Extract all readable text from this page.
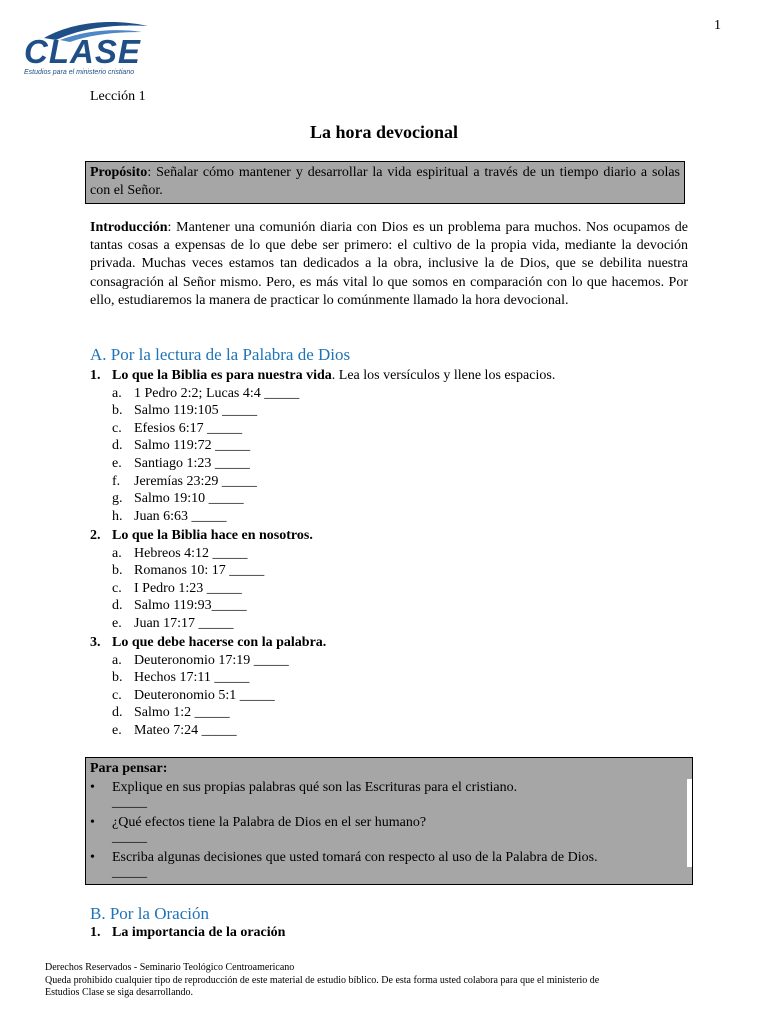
1
CLASE
Estudios para el ministerio cristiano
Lección 1
La hora devocional
Propósito: Señalar cómo mantener y desarrollar la vida espiritual a través de un tiempo diario a solas con el Señor.
Introducción: Mantener una comunión diaria con Dios es un problema para muchos. Nos ocupamos de tantas cosas a expensas de lo que debe ser primero: el cultivo de la propia vida, mediante la devoción privada. Muchas veces estamos tan dedicados a la obra, inclusive la de Dios, que se debilita nuestra consagración al Señor mismo. Pero, es más vital lo que somos en comparación con lo que hacemos. Por ello, estudiaremos la manera de practicar lo comúnmente llamado la hora devocional.
A. Por la lectura de la Palabra de Dios
1. Lo que la Biblia es para nuestra vida. Lea los versículos y llene los espacios.
a. 1 Pedro 2:2; Lucas 4:4 _____
b. Salmo 119:105 _____
c. Efesios 6:17 _____
d. Salmo 119:72 _____
e. Santiago 1:23 _____
f. Jeremías 23:29 _____
g. Salmo 19:10 _____
h. Juan 6:63 _____
2. Lo que la Biblia hace en nosotros.
a. Hebreos 4:12 _____
b. Romanos 10: 17 _____
c. I Pedro 1:23 _____
d. Salmo 119:93_____
e. Juan 17:17 _____
3. Lo que debe hacerse con la palabra.
a. Deuteronomio 17:19 _____
b. Hechos 17:11 _____
c. Deuteronomio 5:1 _____
d. Salmo 1:2 _____
e. Mateo 7:24 _____
Para pensar:
• Explique en sus propias palabras qué son las Escrituras para el cristiano.
_____
• ¿Qué efectos tiene la Palabra de Dios en el ser humano?
_____
• Escriba algunas decisiones que usted tomará con respecto al uso de la Palabra de Dios.
_____
B. Por la Oración
1. La importancia de la oración
Derechos Reservados - Seminario Teológico Centroamericano
Queda prohibido cualquier tipo de reproducción de este material de estudio bíblico. De esta forma usted colabora para que el ministerio de
Estudios Clase se siga desarrollando.
